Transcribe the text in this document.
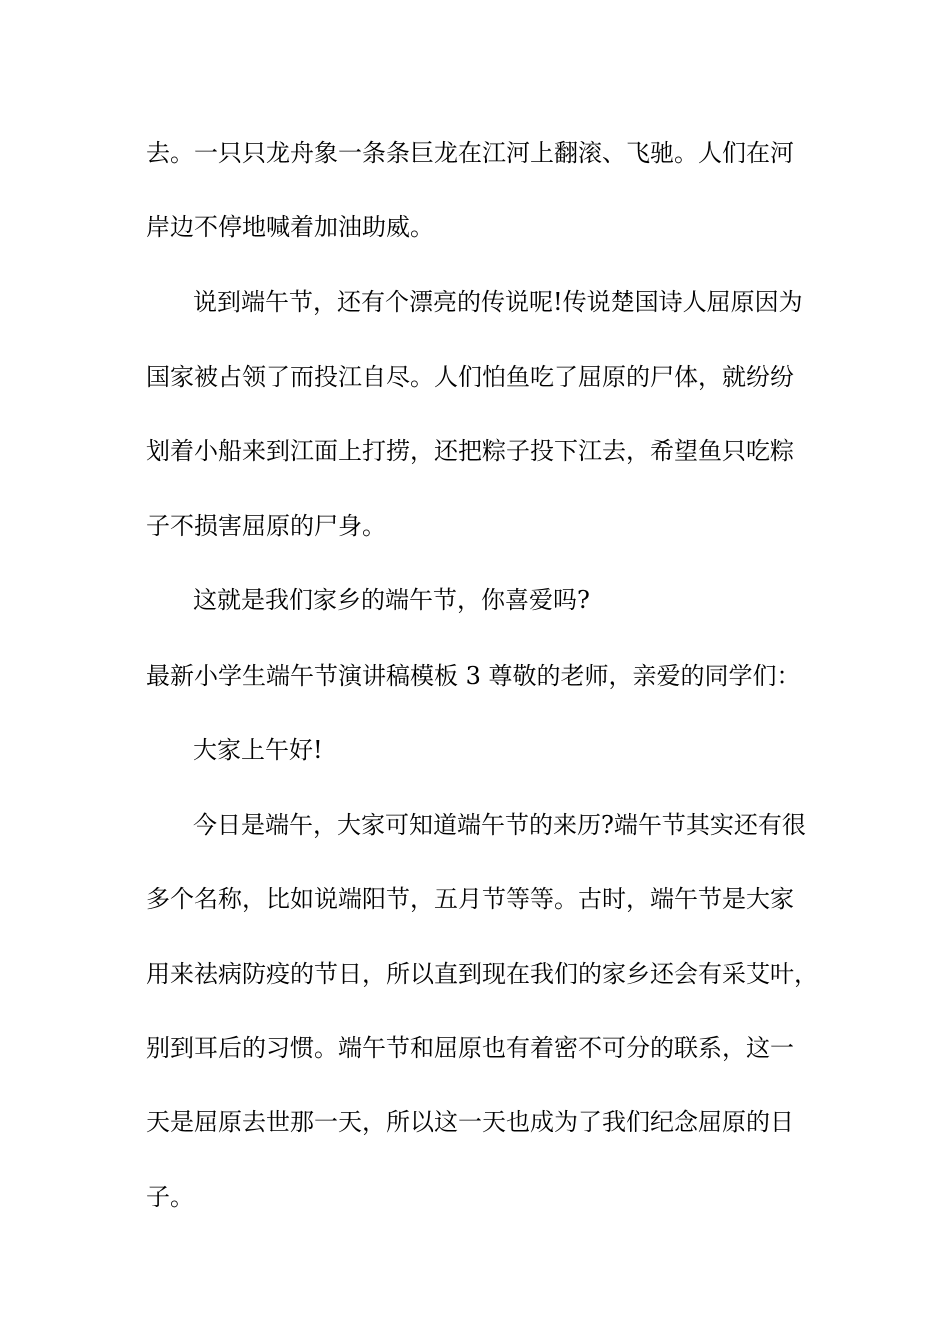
去。一只只龙舟象一条条巨龙在江河上翻滚、飞驰。人们在河
岸边不停地喊着加油助威。
说到端午节，还有个漂亮的传说呢!传说楚国诗人屈原因为
国家被占领了而投江自尽。人们怕鱼吃了屈原的尸体，就纷纷
划着小船来到江面上打捞，还把粽子投下江去，希望鱼只吃粽
子不损害屈原的尸身。
这就是我们家乡的端午节，你喜爱吗?
最新小学生端午节演讲稿模板 3 尊敬的老师，亲爱的同学们：
大家上午好!
今日是端午，大家可知道端午节的来历?端午节其实还有很
多个名称，比如说端阳节，五月节等等。古时，端午节是大家
用来祛病防疫的节日，所以直到现在我们的家乡还会有采艾叶，
别到耳后的习惯。端午节和屈原也有着密不可分的联系，这一
天是屈原去世那一天，所以这一天也成为了我们纪念屈原的日
子。
